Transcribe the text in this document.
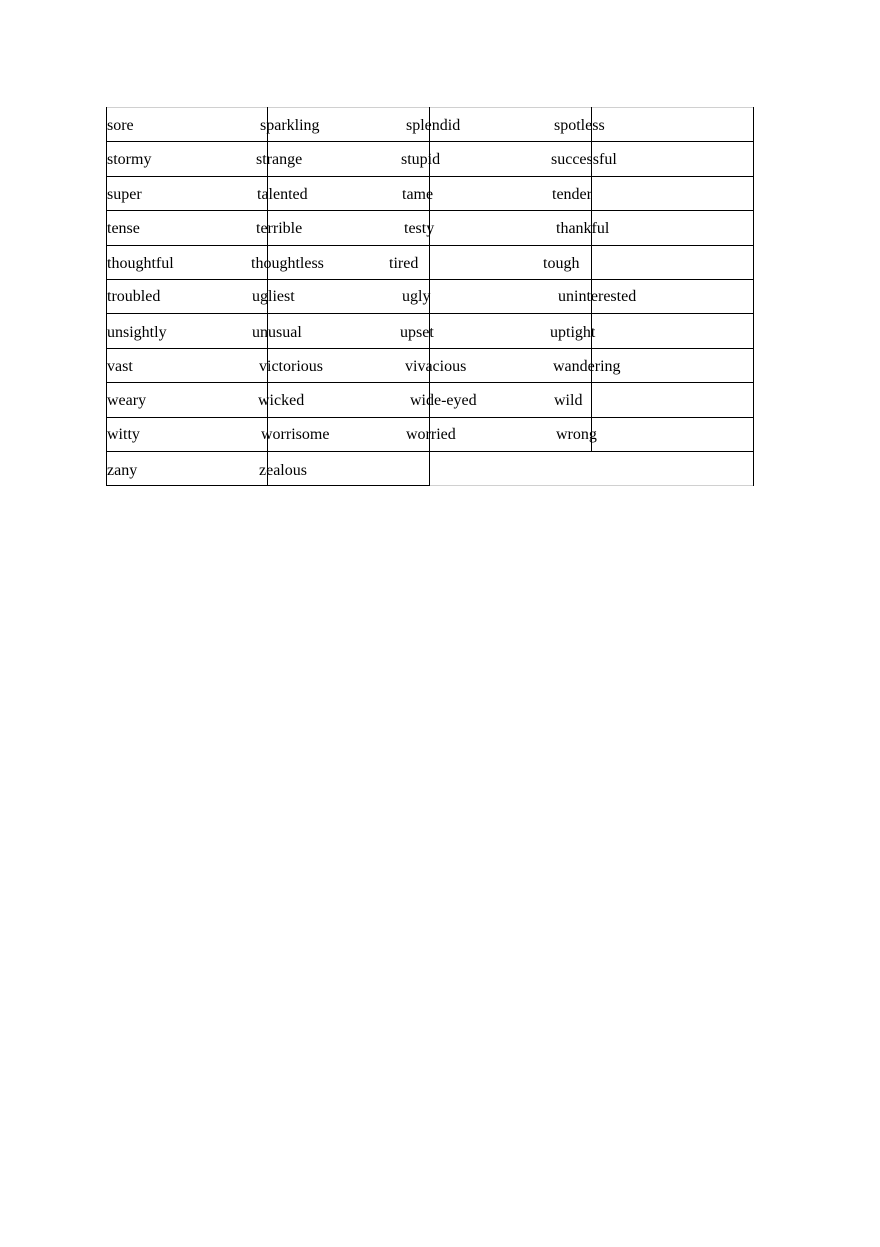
sore	sparkling	splendid	spotless
stormy	strange	stupid	successful
super	talented	tame	tender
tense	terrible	testy	thankful
thoughtful	thoughtless	tired	tough
troubled	ugliest	ugly	uninterested
unsightly	unusual	upset	uptight
vast	victorious	vivacious	wandering
weary	wicked	wide-eyed	wild
witty	worrisome	worried	wrong
zany	zealous
